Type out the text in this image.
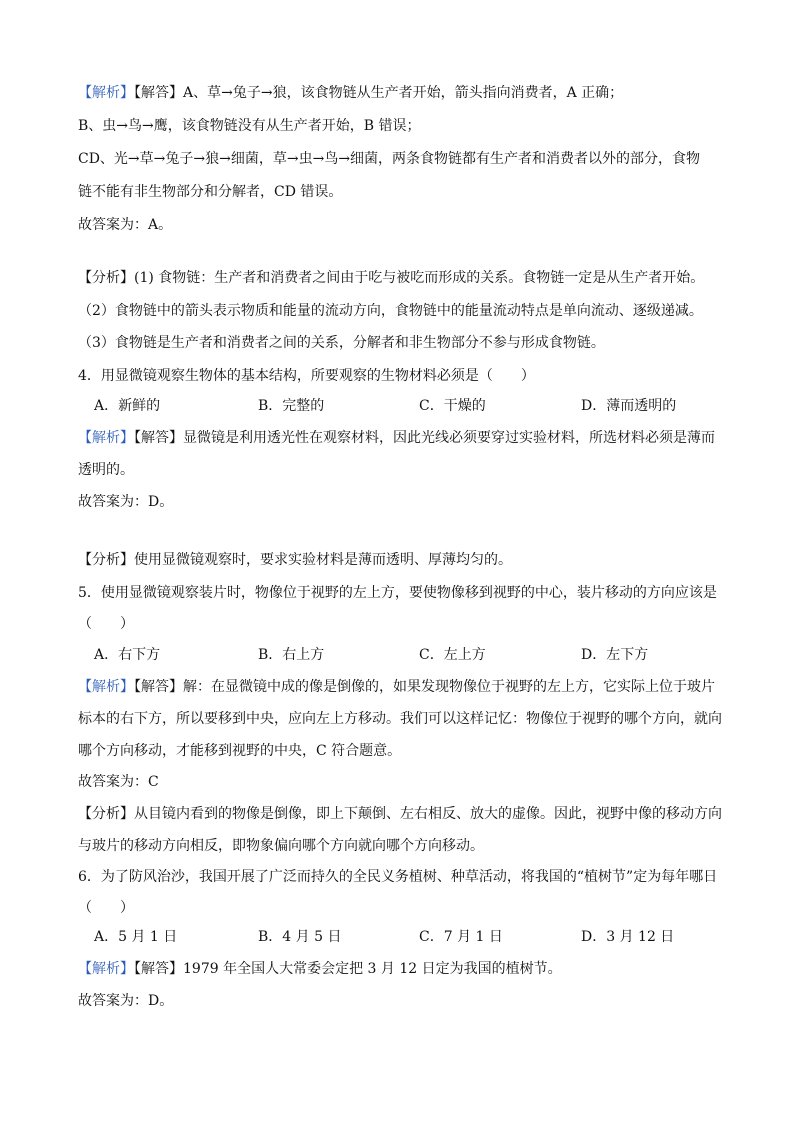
【解析】【解答】A、草→兔子→狼，该食物链从生产者开始，箭头指向消费者，A 正确；
B、虫→鸟→鹰，该食物链没有从生产者开始，B 错误；
CD、光→草→兔子→狼→细菌，草→虫→鸟→细菌，两条食物链都有生产者和消费者以外的部分，食物
链不能有非生物部分和分解者，CD 错误。
故答案为：A。
【分析】(1) 食物链：生产者和消费者之间由于吃与被吃而形成的关系。食物链一定是从生产者开始。
（2）食物链中的箭头表示物质和能量的流动方向，食物链中的能量流动特点是单向流动、逐级递减。
（3）食物链是生产者和消费者之间的关系，分解者和非生物部分不参与形成食物链。
4．用显微镜观察生物体的基本结构，所要观察的生物材料必须是（　　）
A．新鲜的	B．完整的	C．干燥的	D．薄而透明的
【解析】【解答】显微镜是利用透光性在观察材料，因此光线必须要穿过实验材料，所选材料必须是薄而
透明的。
故答案为：D。
【分析】使用显微镜观察时，要求实验材料是薄而透明、厚薄均匀的。
5．使用显微镜观察装片时，物像位于视野的左上方，要使物像移到视野的中心，装片移动的方向应该是
（　　）
A．右下方	B．右上方	C．左上方	D．左下方
【解析】【解答】解：在显微镜中成的像是倒像的，如果发现物像位于视野的左上方，它实际上位于玻片
标本的右下方，所以要移到中央，应向左上方移动。我们可以这样记忆：物像位于视野的哪个方向，就向
哪个方向移动，才能移到视野的中央，C 符合题意。
故答案为：C
【分析】从目镜内看到的物像是倒像，即上下颠倒、左右相反、放大的虚像。因此，视野中像的移动方向
与玻片的移动方向相反，即物象偏向哪个方向就向哪个方向移动。
6．为了防风治沙，我国开展了广泛而持久的全民义务植树、种草活动，将我国的“植树节”定为每年哪日
（　　）
A．5 月 1 日	B．4 月 5 日	C．7 月 1 日	D．3 月 12 日
【解析】【解答】1979 年全国人大常委会定把 3 月 12 日定为我国的植树节。
故答案为：D。
